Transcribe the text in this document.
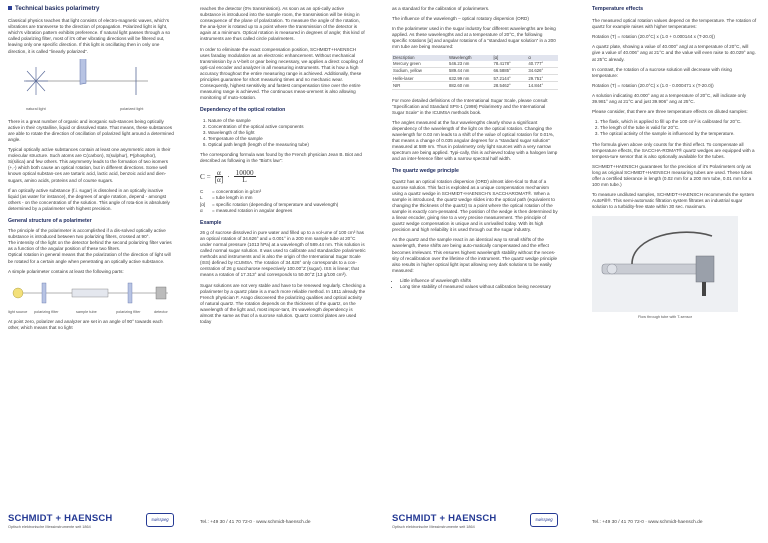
Technical basics polarimetry

Classical physics teaches that light consists of electro-magnetic waves, which’s vibrations are transverse to the direction of propagation. Polarized light is light, which’s vibration pattern exhibits preference. If natural light passes through a so called polarizing filter, most of it’s other vibrating directions will be filtered out, leaving only one specific direction. If this light is oscillating then in only one direction, it is called “linearly polarized”.

natural light	polarized light

There is a great number of organic and inorganic sub-stances being optically active in their crystalline, liquid or dissolved state. That means, these substances are able to rotate the direction of oscillation of polarized light around a determined angle.

Typical optically active substances contain at least one asymmetric atom in their molecular structure. Such atoms are C(carbon), S(sulphur), P(phosphor), Si(silica) and few others. This asymmetry leads to the formation of two isomers (+,-) which both cause an optical rotation, but in different directions. Some well known optical substan-ces are tartaric acid, lactic acid, benzoic acid and dien-sugars, amino acids, proteins and of course sugars.

If an optically active substance (f.i. sugar) is dissolved in an optically inactive liquid (as water for instance), the degrees of angle rotation, depend - amongst others - on the concentration of the solution. This angle of rota-tion is absolutely determined by a polarimeter with highest precision.

General structure of a polarimeter

The principle of the polarimeter is accomplished if a dis-solved optically active substance is introduced between two polarizing filters, crossed at 90°.

The intensity of the light on the detector behind the second polarizing filter varies as a function of the angular position of these two filters.

Optical rotation in general means that the polarization of the direction of light will be rotated for a certain angle when penetrating an optically active substance.

A simple polarimeter contains at least the following parts:

light source polarizing filter	sample tube	polarizing filter	detector

At point zero, polarizer and analyzer are set in an angle of 90° towards each other, which means that no light

reaches the detector (0% transmission). As soon as an opti-cally active substance is introduced into the sample room, the transmission will be rising in consequence of the plane of polarization. To measure the angle of the rotation, the ana-lyzer is rotated up to a point where the transmission of the detector is again at a minimum. Optical rotation is measured in degrees of angle; this kind of instruments are thus called circle polarimeters.

In order to eliminate the exact compensation position, SCHMIDT+HAENSCH uses faraday modulation as an electronic enhancement. Without mechanical transmission by a V-belt or gear being necessary, we applies a direct coupling of opti-cal encoder and analyzer in all measuring instruments. That is how a high accuracy throughout the entire measuring range is achieved. Additionally, these principles guarantee for short measuring times and no mechanic wear. Consequently, highest sensitivity and fastest compensation time over the entire measuring range is achieved. The continuous meas-urement is also allowing monitoring of muto-rotation.

Dependency of the optical rotation
1. Nature of the sample
2. Concentration of the optical active components
3. Wavelength of the light
4. Temperature of the sample
5. Optical path length (length of the measuring tube)

The corresponding formula was found by the French physician Jean B. Biot and described as following in the “Biot’s law”:

$C = \frac{\alpha}{[\alpha]} \cdot \frac{10000}{L}$
C	= concentration in g/cm³
L	= tube length in mm
[α]	= specific rotation (depending of temperature and wavelength)
α	= measured rotation in angular degrees
Example

26 g of sucrose dissolved in pure water and filled up to a vol-ume of 100 cm³ has an optical rotation of 34.626° and ± 0.001° in a 200 mm sample tube at 20°C under normal pressure (1013 hPa) at a wavelength of 589.44 nm. This solution is called normal sugar solution. It was used to calibrate and standardize polarimetric methods and instruments and is also the origin of the International Sugar Scale (ISS) defined by ICUMSA. The rotation of 34.626° only corresponds to a con-centration of 26 g saccharose respectively 100.00°Z (sugar). ISS is linear; that means a rotation of 17.313° and corresponds to 50.00°Z (13 g/100 cm³).

Sugar solutions are not very stable and have to be renewed regularly. Checking a polarimeter by a quartz plate is a much more reliable method. In 1811 already the French physician F. Arago discovered the polarizing qualities and optical activity of natural quartz. The rotation depends on the thickness of the quartz, on the wavelength of the light and, most impor-tant, it’s wavelength dependency is almost the same as that of a sucrose solution. Quartz control plates are used today

SCHMIDT + HAENSCH
Optisch elektronische Messinstrumente seit 1864
swisspeg
Tel.: +49 30 / 41 70 72-0 · www.schmidt-haensch.de

as a standard for the calibration of polarimeters.

The influence of the wavelength – optical rotatory dispersion (ORD)

In the polarimeter used in the sugar industry four different wavelengths are being applied. As these wavelengths and at a temperature of 20°C, the following specific rotations [α] and angular rotations of a “standard sugar solution” in a 200 mm tube are being measured:

Description	Wavelength	[α]	α
Mercury green	546.23 nm	78.4178°	40.777°
Sodium, yellow	589.44 nm	66.5885°	34.626°
Helle-laser	632.99 nm	57.2144°	29.751°
NIR	882.60 nm	28.5462°	14.844°

For more detailed definitions of the International Sugar Scale, please consult “Specification and Standard SPS-1 (1998) Polarimetry and the International Sugar Scale” in the ICUMSA methods book.

The angles measured at the four wavelengths clearly show a significant dependency of the wavelength of the light on the optical rotation. Changing the wavelength for 0.03 nm leads to a shift of the value of optical rotation for 0.01%, that means a change of 0.035 angular degrees for a “standard sugar solution” measured at 589 nm. Thus in polarimetry only light sources with a very narrow spectrum are being applied. Typi-cally, this is achieved today with a halogen lamp and an inter-ference filter with a narrow spectral half width.

The quartz wedge principle

Quartz has an optical rotation dispersion (ORD) almost iden-tical to that of a sucrose solution. This fact is exploited as a unique compensation mechanism using a quartz wedge in SCHMIDT+HAENSCH’s SACCHAROMAT®. When a sample is introduced, the quartz wedge slides into the optical path (equivalent to changing the thickness of the quartz) to a point where the optical rotation of the sample is exactly com-pensated. The position of the wedge is then determined by a linear encoder, giving rise to a very precise measurement. The principle of quartz wedge compensation is unique and is unrivalled today. With its high precision and high reliability it is used through out the sugar industry.

As the quartz and the sample react in an identical way to small shifts of the wavelength, these shifts are being auto-matically compensated and the effect becomes irrelevant. This ensures highest wavelength stability without the neces-sity of recalibration over the lifetime of the instrument. The quartz wedge principle also results in higher optical light input allowing very dark solutions to be easily measured:

• Little influence of wavelength shifts
• Long time stability of measured values without calibration being necessary
Temperature effects

The measured optical rotation values depend on the temperature. The rotation of quartz for example raises with higher temperatures:

Rotation (T) = rotation (20.0°C) x (1.0 + 0.000144 x (T-20.0))

A quartz plate, showing a value of 40.000° angl at a temperature of 20°C, will give a value of 40.006° ang at 21°C and the value will even raise to 40.029° ang. at 25°C already.

In contrast, the rotation of a sucrose solution will decrease with rising temperature:

Rotation (T) = rotation (20.0°C) x (1.0 - 0.000471 x (T-20.0))

A solution indicating 40.000° ang at a temperature of 20°C, will indicate only 39.981° ang at 21°C and just 39.906° ang at 25°C.

Please consider, that there are three temperature effects on diluted samples:

1. The flask, which is applied to fill up the 100 cm³ is calibrated for 20°C.
2. The length of the tube is valid for 20°C.
3. The optical activity of the sample is influenced by the temperature.

The formula given above only counts for the third effect. To compensate all temperature effects, the SACCHA-ROMAT® quartz wedges are equipped with a tempera-ture sensor that is also optionally available for the tubes.

SCHMIDT+HAENSCH guarantees for the precision of it’s Polarimeters only as long as original SCHMIDT+HAENSCH measuring tubes are used. These tubes offer a certified tolerance in length (0.02 mm for a 200 mm tube, 0.01 mm for a 100 mm tube.)

To measure undiluted samples, SCHMIDT+HAENSCH recommends the system AutoFill®. This semi-automatic filtration system filtrates an industrial sugar solution to a turbidity-free state within 30 sec. maximum.

Flow through tube with T-sensor
SCHMIDT + HAENSCH
Optisch elektronische Messinstrumente seit 1864
swisspeg
Tel.: +49 30 / 41 70 72-0 · www.schmidt-haensch.de
